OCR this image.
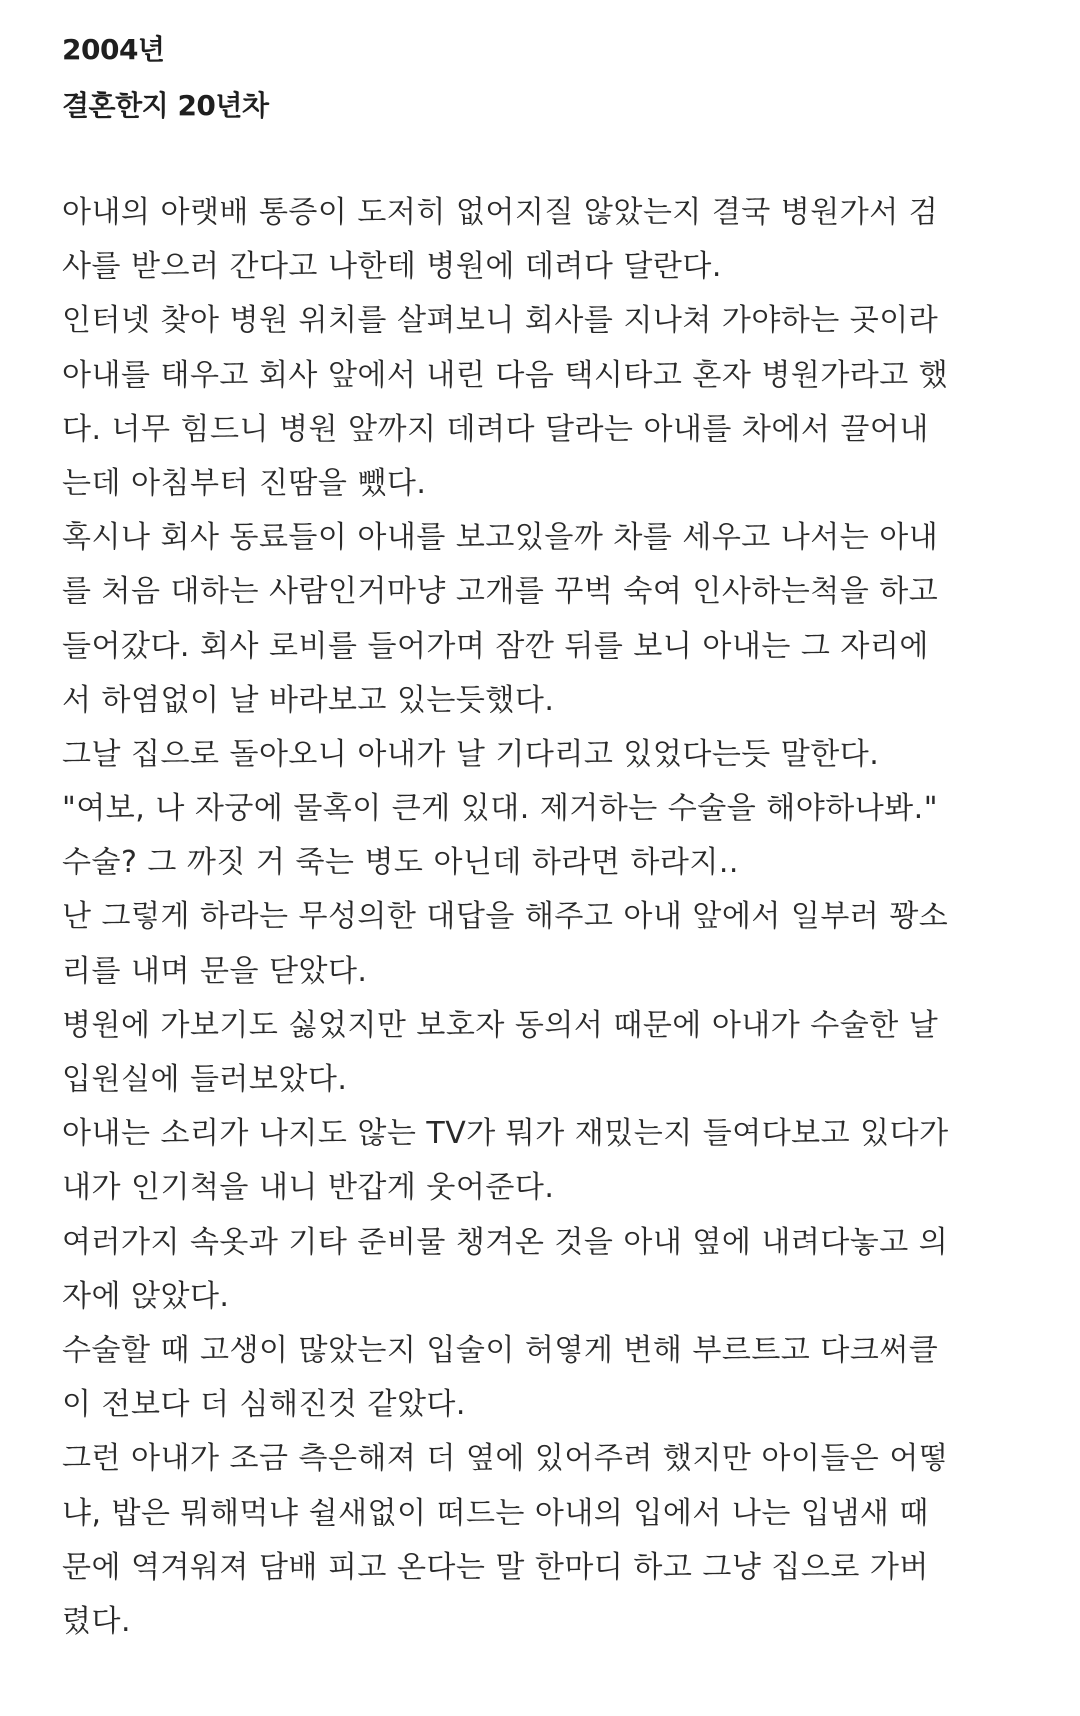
2004년
결혼한지 20년차
아내의 아랫배 통증이 도저히 없어지질 않았는지 결국 병원가서 검
사를 받으러 간다고 나한테 병원에 데려다 달란다.
인터넷 찾아 병원 위치를 살펴보니 회사를 지나쳐 가야하는 곳이라
아내를 태우고 회사 앞에서 내린 다음 택시타고 혼자 병원가라고 했
다. 너무 힘드니 병원 앞까지 데려다 달라는 아내를 차에서 끌어내
는데 아침부터 진땀을 뺐다.
혹시나 회사 동료들이 아내를 보고있을까 차를 세우고 나서는 아내
를 처음 대하는 사람인거마냥 고개를 꾸벅 숙여 인사하는척을 하고
들어갔다. 회사 로비를 들어가며 잠깐 뒤를 보니 아내는 그 자리에
서 하염없이 날 바라보고 있는듯했다.
그날 집으로 돌아오니 아내가 날 기다리고 있었다는듯 말한다.
"여보, 나 자궁에 물혹이 큰게 있대. 제거하는 수술을 해야하나봐."
수술? 그 까짓 거 죽는 병도 아닌데 하라면 하라지..
난 그렇게 하라는 무성의한 대답을 해주고 아내 앞에서 일부러 꽝소
리를 내며 문을 닫았다.
병원에 가보기도 싫었지만 보호자 동의서 때문에 아내가 수술한 날
입원실에 들러보았다.
아내는 소리가 나지도 않는 TV가 뭐가 재밌는지 들여다보고 있다가
내가 인기척을 내니 반갑게 웃어준다.
여러가지 속옷과 기타 준비물 챙겨온 것을 아내 옆에 내려다놓고 의
자에 앉았다.
수술할 때 고생이 많았는지 입술이 허옇게 변해 부르트고 다크써클
이 전보다 더 심해진것 같았다.
그런 아내가 조금 측은해져 더 옆에 있어주려 했지만 아이들은 어떻
냐, 밥은 뭐해먹냐 쉴새없이 떠드는 아내의 입에서 나는 입냄새 때
문에 역겨워져 담배 피고 온다는 말 한마디 하고 그냥 집으로 가버
렸다.
